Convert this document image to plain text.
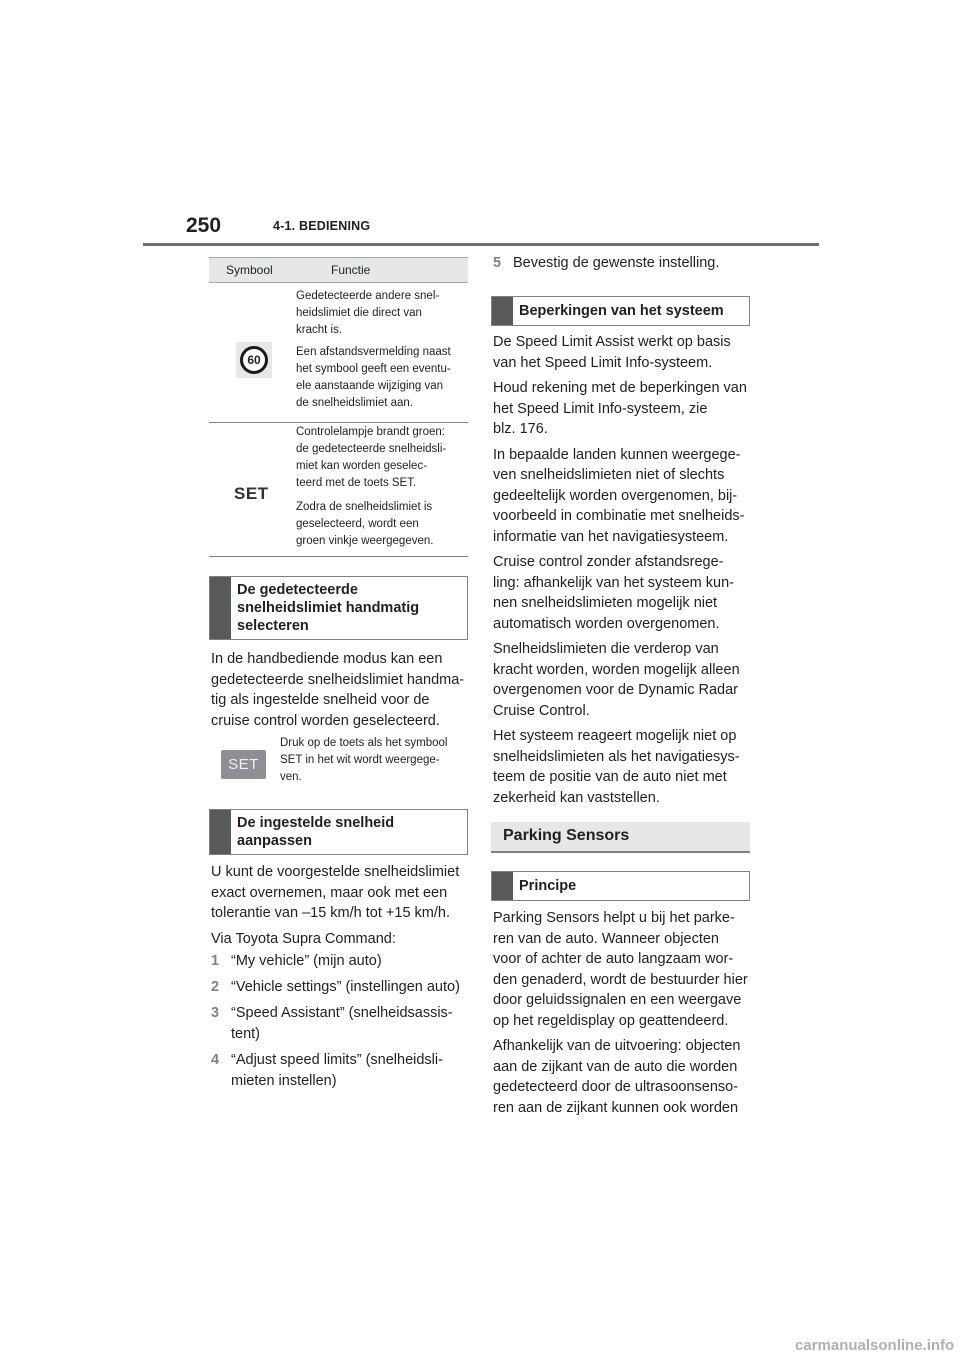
250	4-1. BEDIENING
Symbool	Functie
60
Gedetecteerde andere snel-
heidslimiet die direct van
kracht is.
Een afstandsvermelding naast
het symbool geeft een eventu-
ele aanstaande wijziging van
de snelheidslimiet aan.
SET
Controlelampje brandt groen:
de gedetecteerde snelheidsli-
miet kan worden geselec-
teerd met de toets SET.
Zodra de snelheidslimiet is
geselecteerd, wordt een
groen vinkje weergegeven.
De gedetecteerde
snelheidslimiet handmatig
selecteren
In de handbediende modus kan een
gedetecteerde snelheidslimiet handma-
tig als ingestelde snelheid voor de
cruise control worden geselecteerd.
SET
Druk op de toets als het symbool
SET in het wit wordt weergege-
ven.
De ingestelde snelheid
aanpassen
U kunt de voorgestelde snelheidslimiet
exact overnemen, maar ook met een
tolerantie van –15 km/h tot +15 km/h.
Via Toyota Supra Command:
1 “My vehicle” (mijn auto)
2 “Vehicle settings” (instellingen auto)
3 “Speed Assistant” (snelheidsassis-
tent)
4 “Adjust speed limits” (snelheidsli-
mieten instellen)
5 Bevestig de gewenste instelling.
Beperkingen van het systeem
De Speed Limit Assist werkt op basis
van het Speed Limit Info-systeem.
Houd rekening met de beperkingen van
het Speed Limit Info-systeem, zie
blz. 176.
In bepaalde landen kunnen weergege-
ven snelheidslimieten niet of slechts
gedeeltelijk worden overgenomen, bij-
voorbeeld in combinatie met snelheids-
informatie van het navigatiesysteem.
Cruise control zonder afstandsrege-
ling: afhankelijk van het systeem kun-
nen snelheidslimieten mogelijk niet
automatisch worden overgenomen.
Snelheidslimieten die verderop van
kracht worden, worden mogelijk alleen
overgenomen voor de Dynamic Radar
Cruise Control.
Het systeem reageert mogelijk niet op
snelheidslimieten als het navigatiesys-
teem de positie van de auto niet met
zekerheid kan vaststellen.
Parking Sensors
Principe
Parking Sensors helpt u bij het parke-
ren van de auto. Wanneer objecten
voor of achter de auto langzaam wor-
den genaderd, wordt de bestuurder hier
door geluidssignalen en een weergave
op het regeldisplay op geattendeerd.
Afhankelijk van de uitvoering: objecten
aan de zijkant van de auto die worden
gedetecteerd door de ultrasoonsenso-
ren aan de zijkant kunnen ook worden
carmanualsonline.info
